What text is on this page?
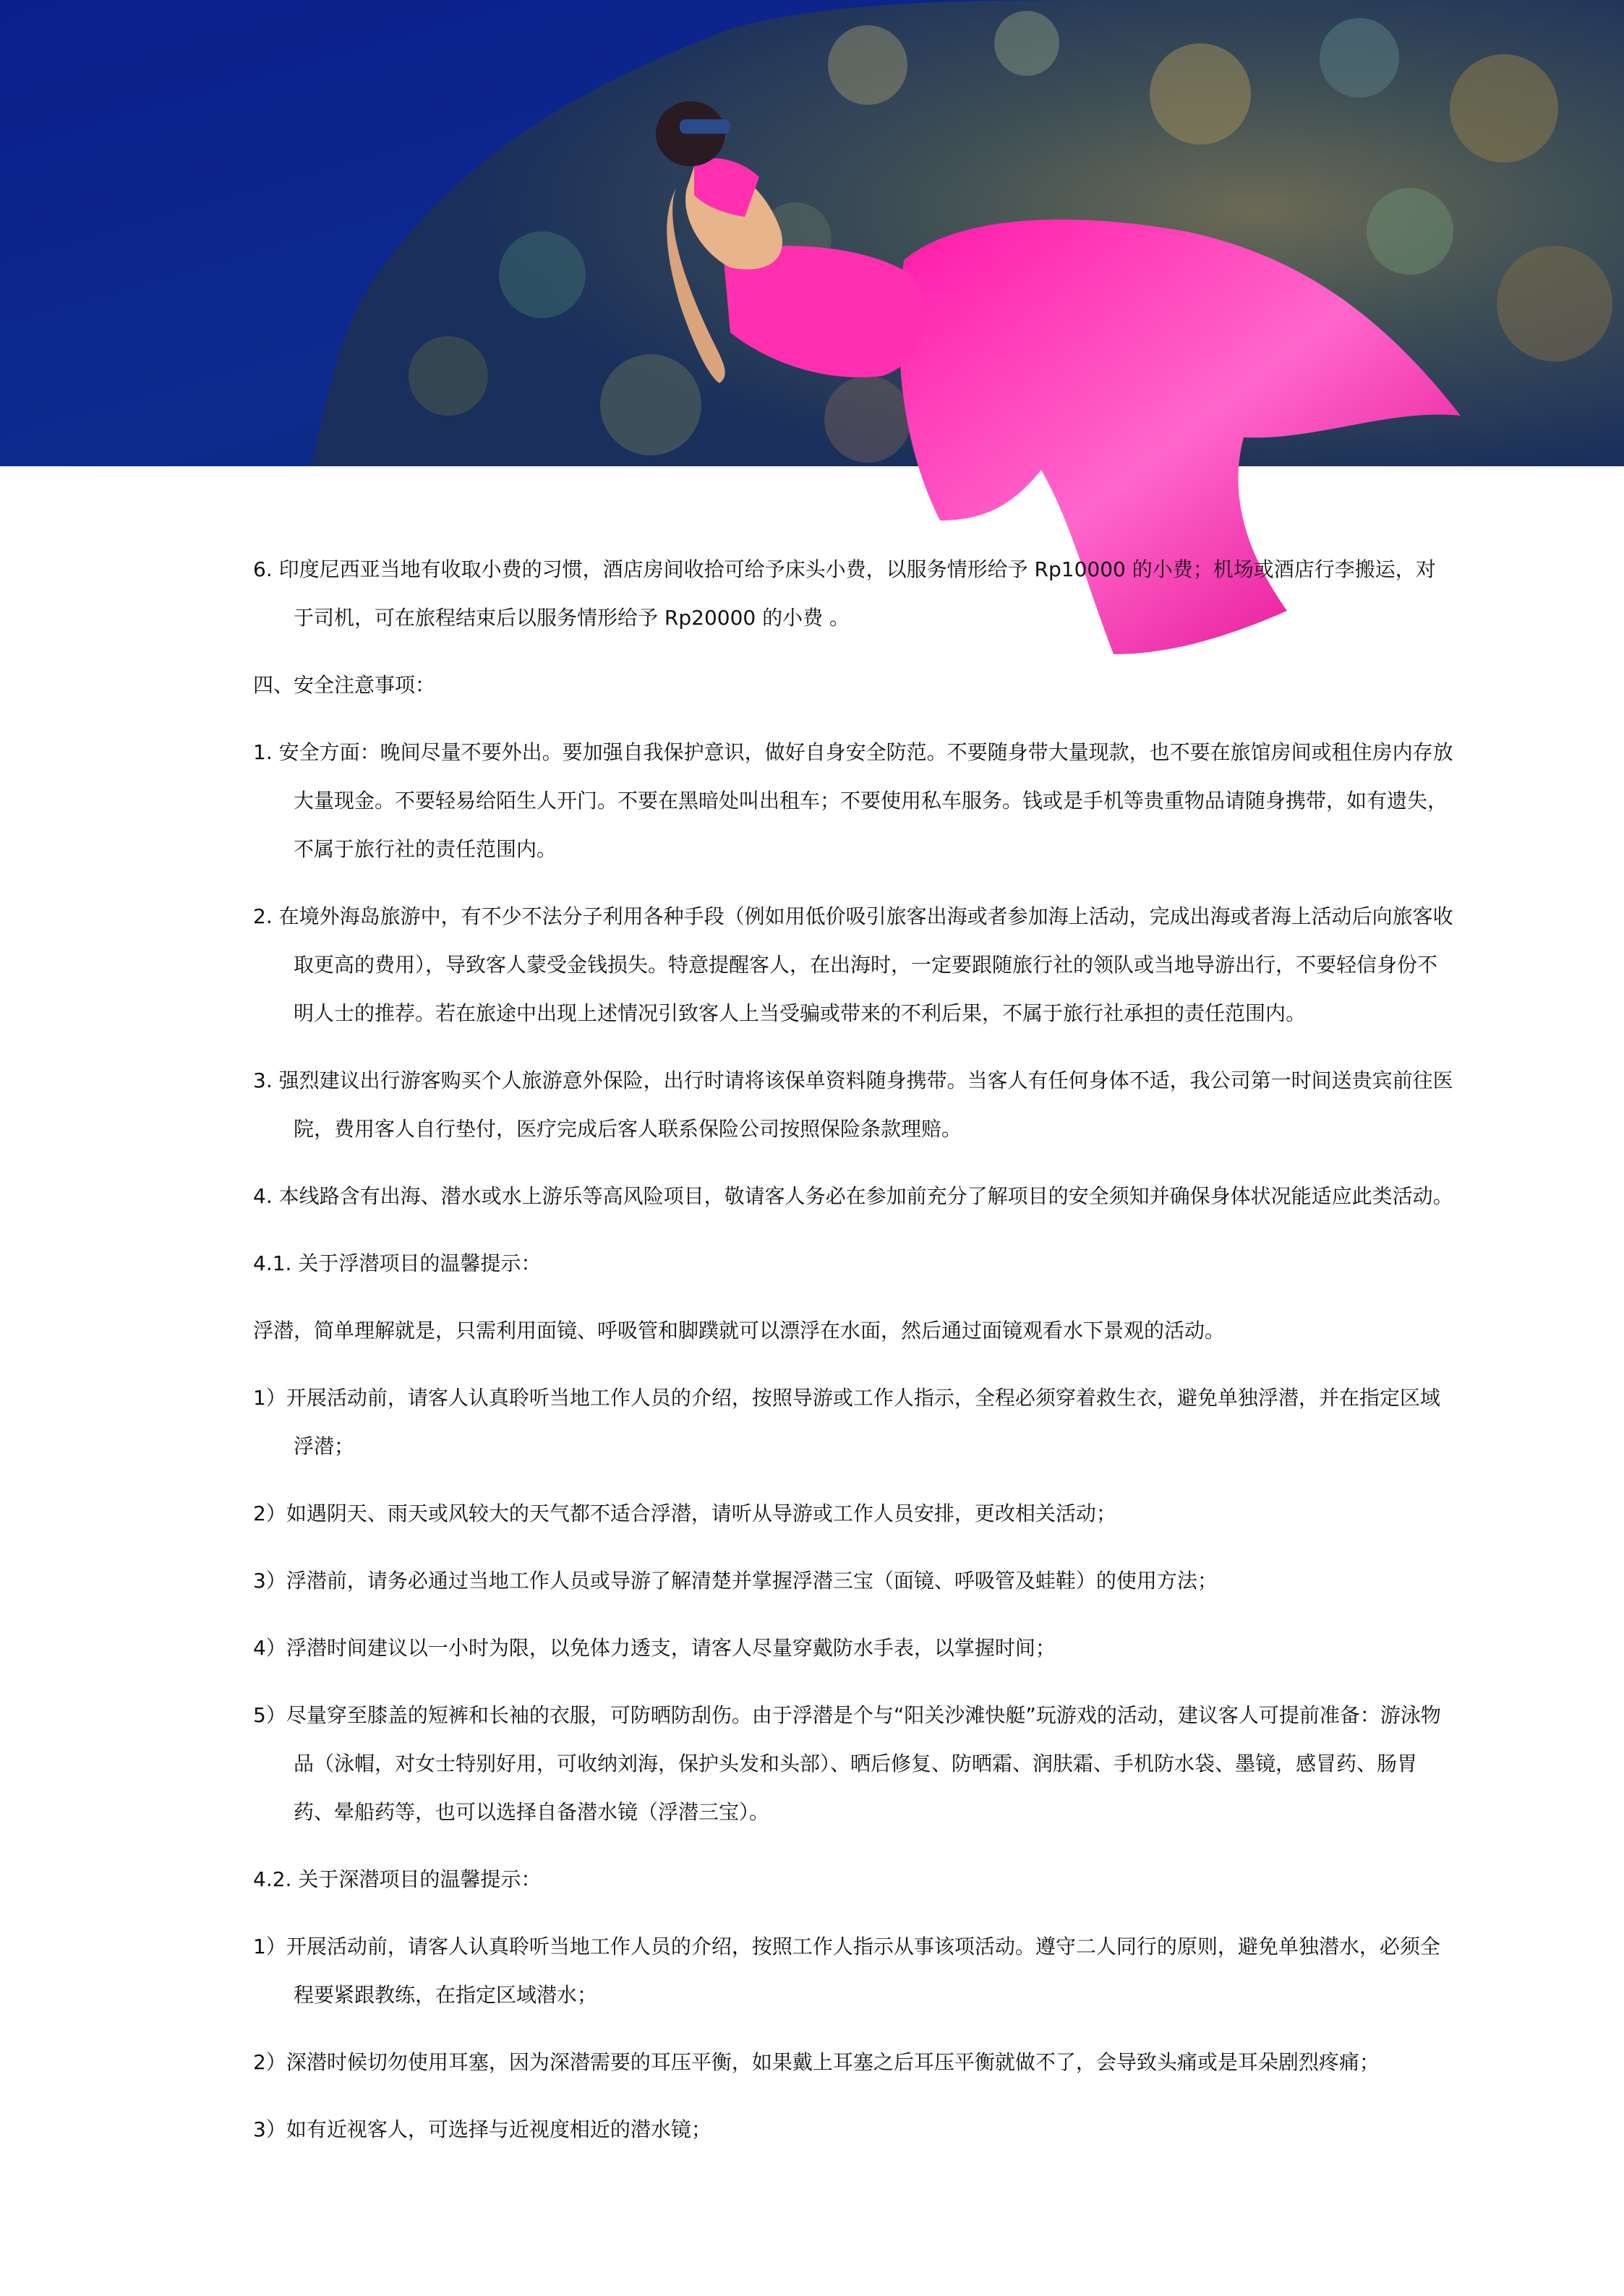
6. 印度尼西亚当地有收取小费的习惯，酒店房间收拾可给予床头小费，以服务情形给予 Rp10000 的小费；机场或酒店行李搬运，对于司机，可在旅程结束后以服务情形给予 Rp20000 的小费 。

四、安全注意事项：

1. 安全方面：晚间尽量不要外出。要加强自我保护意识，做好自身安全防范。不要随身带大量现款，也不要在旅馆房间或租住房内存放大量现金。不要轻易给陌生人开门。不要在黑暗处叫出租车；不要使用私车服务。钱或是手机等贵重物品请随身携带，如有遗失，不属于旅行社的责任范围内。

2. 在境外海岛旅游中，有不少不法分子利用各种手段（例如用低价吸引旅客出海或者参加海上活动，完成出海或者海上活动后向旅客收取更高的费用），导致客人蒙受金钱损失。特意提醒客人，在出海时，一定要跟随旅行社的领队或当地导游出行，不要轻信身份不明人士的推荐。若在旅途中出现上述情况引致客人上当受骗或带来的不利后果，不属于旅行社承担的责任范围内。

3. 强烈建议出行游客购买个人旅游意外保险，出行时请将该保单资料随身携带。当客人有任何身体不适，我公司第一时间送贵宾前往医院，费用客人自行垫付，医疗完成后客人联系保险公司按照保险条款理赔。

4. 本线路含有出海、潜水或水上游乐等高风险项目，敬请客人务必在参加前充分了解项目的安全须知并确保身体状况能适应此类活动。

4.1. 关于浮潜项目的温馨提示：

浮潜，简单理解就是，只需利用面镜、呼吸管和脚蹼就可以漂浮在水面，然后通过面镜观看水下景观的活动。

1）开展活动前，请客人认真聆听当地工作人员的介绍，按照导游或工作人指示，全程必须穿着救生衣，避免单独浮潜，并在指定区域浮潜；

2）如遇阴天、雨天或风较大的天气都不适合浮潜，请听从导游或工作人员安排，更改相关活动；

3）浮潜前，请务必通过当地工作人员或导游了解清楚并掌握浮潜三宝（面镜、呼吸管及蛙鞋）的使用方法；

4）浮潜时间建议以一小时为限，以免体力透支，请客人尽量穿戴防水手表，以掌握时间；

5）尽量穿至膝盖的短裤和长袖的衣服，可防晒防刮伤。由于浮潜是个与“阳关沙滩快艇”玩游戏的活动，建议客人可提前准备：游泳物品（泳帽，对女士特别好用，可收纳刘海，保护头发和头部）、晒后修复、防晒霜、润肤霜、手机防水袋、墨镜，感冒药、肠胃药、晕船药等，也可以选择自备潜水镜（浮潜三宝）。

4.2. 关于深潜项目的温馨提示：

1）开展活动前，请客人认真聆听当地工作人员的介绍，按照工作人指示从事该项活动。遵守二人同行的原则，避免单独潜水，必须全程要紧跟教练，在指定区域潜水；

2）深潜时候切勿使用耳塞，因为深潜需要的耳压平衡，如果戴上耳塞之后耳压平衡就做不了，会导致头痛或是耳朵剧烈疼痛；

3）如有近视客人，可选择与近视度相近的潜水镜；
